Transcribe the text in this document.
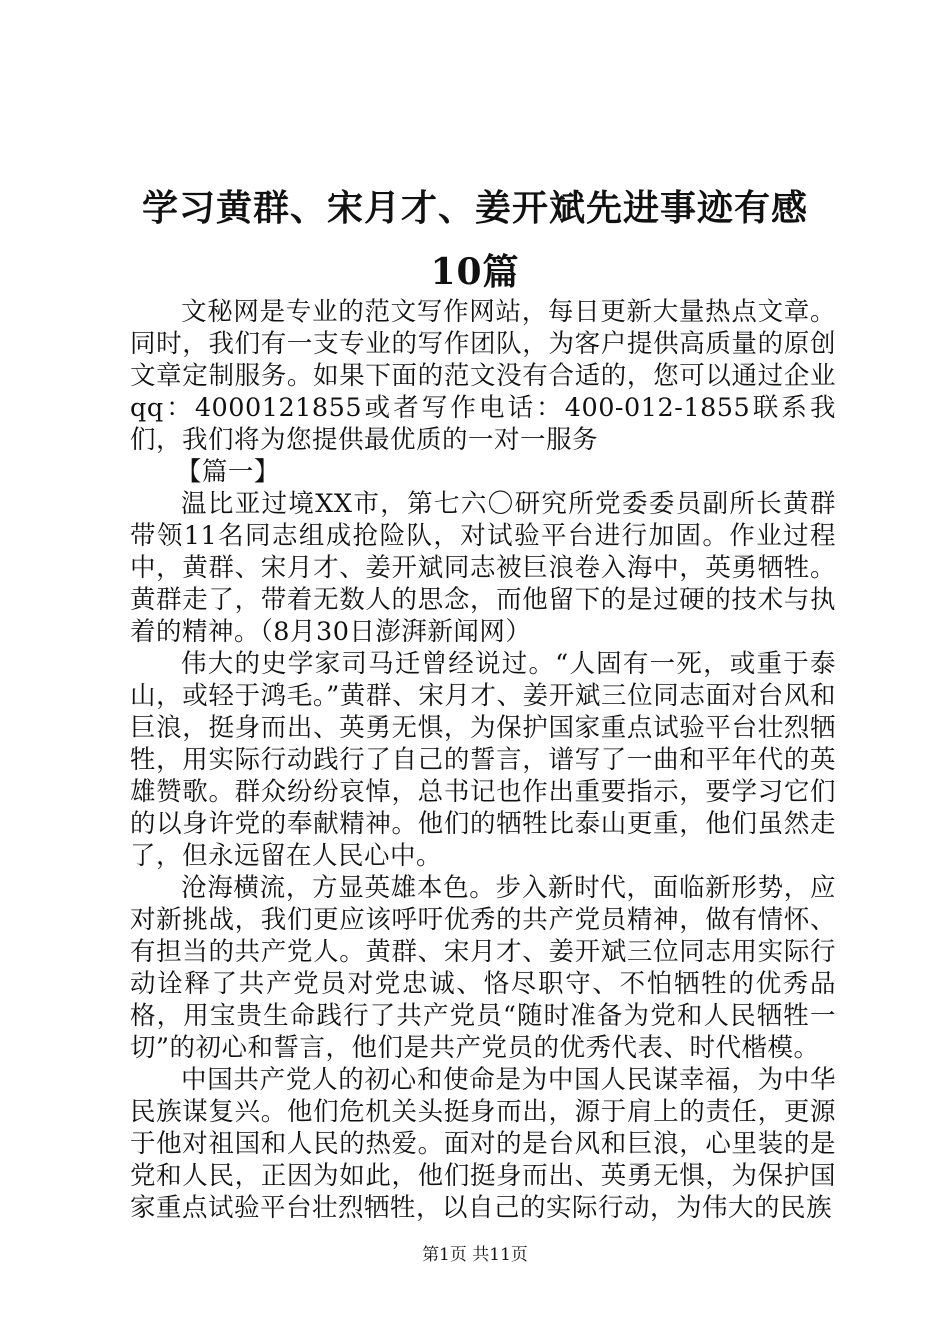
学习黄群、宋月才、姜开斌先进事迹有感10篇

文秘网是专业的范文写作网站，每日更新大量热点文章。同时，我们有一支专业的写作团队，为客户提供高质量的原创文章定制服务。如果下面的范文没有合适的，您可以通过企业qq：4000121855或者写作电话：400-012-1855联系我们，我们将为您提供最优质的一对一服务

【篇一】

温比亚过境XX市，第七六〇研究所党委委员副所长黄群带领11名同志组成抢险队，对试验平台进行加固。作业过程中，黄群、宋月才、姜开斌同志被巨浪卷入海中，英勇牺牲。黄群走了，带着无数人的思念，而他留下的是过硬的技术与执着的精神。（8月30日澎湃新闻网）

伟大的史学家司马迁曾经说过。“人固有一死，或重于泰山，或轻于鸿毛。”黄群、宋月才、姜开斌三位同志面对台风和巨浪，挺身而出、英勇无惧，为保护国家重点试验平台壮烈牺牲，用实际行动践行了自己的誓言，谱写了一曲和平年代的英雄赞歌。群众纷纷哀悼，总书记也作出重要指示，要学习它们的以身许党的奉献精神。他们的牺牲比泰山更重，他们虽然走了，但永远留在人民心中。

沧海横流，方显英雄本色。步入新时代，面临新形势，应对新挑战，我们更应该呼吁优秀的共产党员精神，做有情怀、有担当的共产党人。黄群、宋月才、姜开斌三位同志用实际行动诠释了共产党员对党忠诚、恪尽职守、不怕牺牲的优秀品格，用宝贵生命践行了共产党员“随时准备为党和人民牺牲一切”的初心和誓言，他们是共产党员的优秀代表、时代楷模。

中国共产党人的初心和使命是为中国人民谋幸福，为中华民族谋复兴。他们危机关头挺身而出，源于肩上的责任，更源于他对祖国和人民的热爱。面对的是台风和巨浪，心里装的是党和人民，正因为如此，他们挺身而出、英勇无惧，为保护国家重点试验平台壮烈牺牲，以自己的实际行动，为伟大的民族

第1页 共11页
